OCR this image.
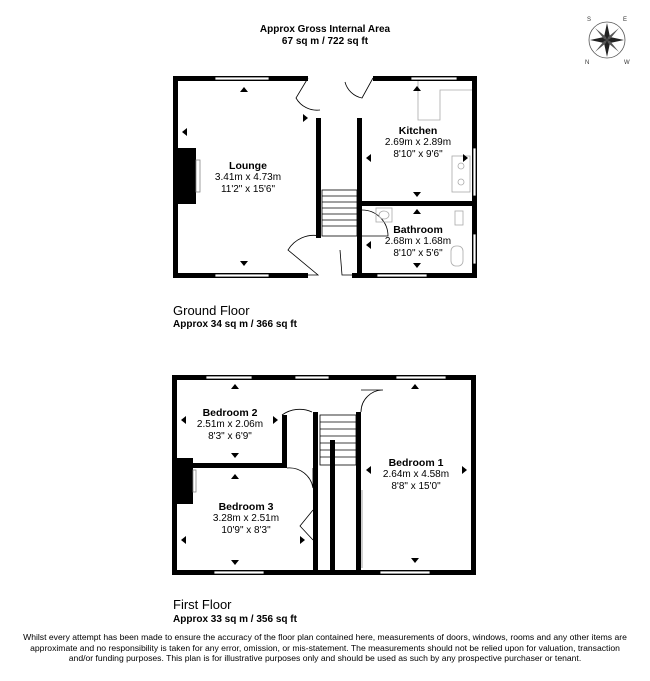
Approx Gross Internal Area
67 sq m / 722 sq ft
S	E
N	W
Lounge
3.41m x 4.73m
11'2" x 15'6"
Kitchen
2.69m x 2.89m
8'10" x 9'6"
Bathroom
2.68m x 1.68m
8'10" x 5'6"
Ground Floor
Approx 34 sq m / 366 sq ft
Bedroom 2
2.51m x 2.06m
8'3" x 6'9"
Bedroom 3
3.28m x 2.51m
10'9" x 8'3"
Bedroom 1
2.64m x 4.58m
8'8" x 15'0"
First Floor
Approx 33 sq m / 356 sq ft
Whilst every attempt has been made to ensure the accuracy of the floor plan contained here, measurements of doors, windows, rooms and any other items are approximate and no responsibility is taken for any error, omission, or mis-statement. The measurements should not be relied upon for valuation, transaction and/or funding purposes. This plan is for illustrative purposes only and should be used as such by any prospective purchaser or tenant.
